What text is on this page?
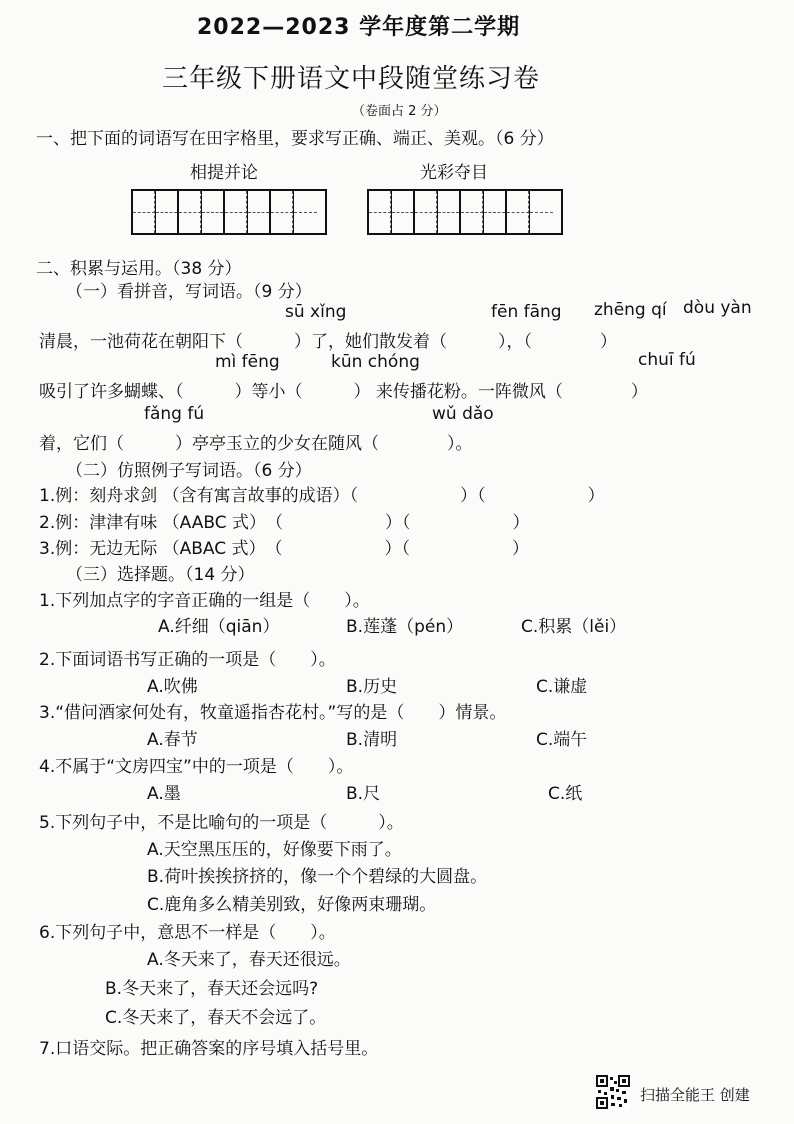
2022—2023 学年度第二学期
三年级下册语文中段随堂练习卷
（卷面占 2 分）
一、把下面的词语写在田字格里，要求写正确、端正、美观。（6 分）
相提并论	光彩夺目
二、积累与运用。（38 分）
（一）看拼音，写词语。（9 分）
sū xǐng	fēn fāng zhēng qí dòu yàn
清晨，一池荷花在朝阳下（　　　）了，她们散发着（　　　），（　　　　）
mì fēng	kūn chóng	chuī fú
吸引了许多蝴蝶、（　　　）等小（　　　） 来传播花粉。一阵微风（　　　　）
fǎng fú	wǔ dǎo
着，它们（　　　）亭亭玉立的少女在随风（　　　　）。
（二）仿照例子写词语。（6 分）
1.例：刻舟求剑 （含有寓言故事的成语）（　　　　　　）（　　　　　　）
2.例：津津有味 （AABC 式）　（　　　　　　）（　　　　　　）
3.例：无边无际 （ABAC 式）　（　　　　　　）（　　　　　　）
（三）选择题。（14 分）
1.下列加点字的字音正确的一组是（　　）。
A.纤细（qiān）	B.莲蓬（pén）	C.积累（lěi）
2.下面词语书写正确的一项是（　　）。
A.吹佛	B.历史	C.谦虚
3.“借问酒家何处有，牧童遥指杏花村。”写的是（　　）情景。
A.春节	B.清明	C.端午
4.不属于“文房四宝”中的一项是（　　）。
A.墨	B.尺	C.纸
5.下列句子中，不是比喻句的一项是（　　　）。
A.天空黑压压的，好像要下雨了。
B.荷叶挨挨挤挤的，像一个个碧绿的大圆盘。
C.鹿角多么精美别致，好像两束珊瑚。
6.下列句子中，意思不一样是（　　）。
A.冬天来了，春天还很远。
B.冬天来了，春天还会远吗?
C.冬天来了，春天不会远了。
7.口语交际。把正确答案的序号填入括号里。
扫描全能王 创建
